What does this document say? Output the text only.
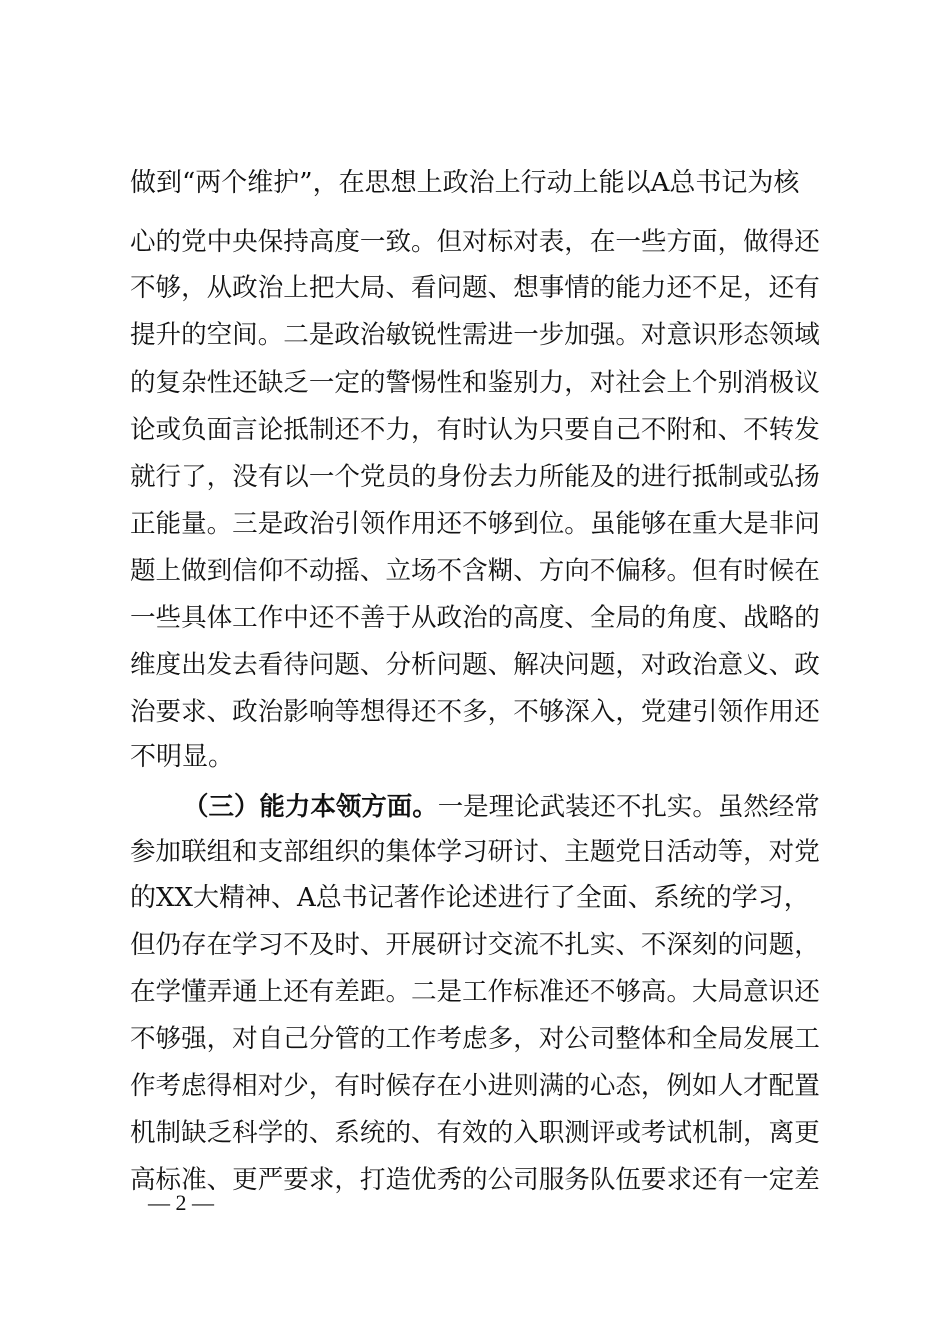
做到“两个维护”，在思想上政治上行动上能以A总书记为核
心的党中央保持高度一致。但对标对表，在一些方面，做得还
不够，从政治上把大局、看问题、想事情的能力还不足，还有
提升的空间。二是政治敏锐性需进一步加强。对意识形态领域
的复杂性还缺乏一定的警惕性和鉴别力，对社会上个别消极议
论或负面言论抵制还不力，有时认为只要自己不附和、不转发
就行了，没有以一个党员的身份去力所能及的进行抵制或弘扬
正能量。三是政治引领作用还不够到位。虽能够在重大是非问
题上做到信仰不动摇、立场不含糊、方向不偏移。但有时候在
一些具体工作中还不善于从政治的高度、全局的角度、战略的
维度出发去看待问题、分析问题、解决问题，对政治意义、政
治要求、政治影响等想得还不多，不够深入，党建引领作用还
不明显。
（三）能力本领方面。一是理论武装还不扎实。虽然经常
参加联组和支部组织的集体学习研讨、主题党日活动等，对党
的XX大精神、A总书记著作论述进行了全面、系统的学习，
但仍存在学习不及时、开展研讨交流不扎实、不深刻的问题，
在学懂弄通上还有差距。二是工作标准还不够高。大局意识还
不够强，对自己分管的工作考虑多，对公司整体和全局发展工
作考虑得相对少，有时候存在小进则满的心态，例如人才配置
机制缺乏科学的、系统的、有效的入职测评或考试机制，离更
高标准、更严要求，打造优秀的公司服务队伍要求还有一定差
— 2 —
